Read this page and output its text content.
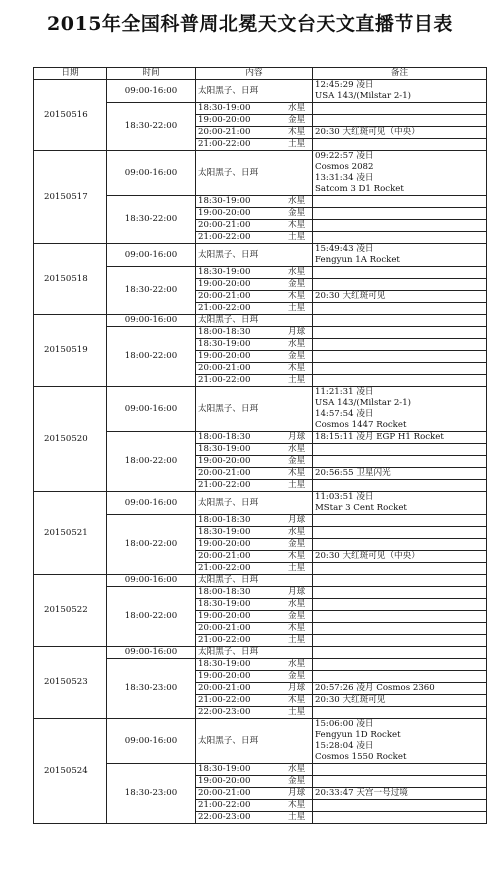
2015年全国科普周北冕天文台天文直播节目表
日期	时间	内容	备注
20150516	09:00-16:00	太阳黑子、日珥	12:45:29 凌日
USA 143/(Milstar 2-1)

	18:30-22:00	18:30-19:00 水星	
		19:00-20:00 金星	
		20:00-21:00 木星	20:30 大红斑可见（中央）

		21:00-22:00 土星	
20150517	09:00-16:00	太阳黑子、日珥	09:22:57 凌日
Cosmos 2082
13:31:34 凌日
Satcom 3 D1 Rocket

	18:30-22:00	18:30-19:00 水星	
		19:00-20:00 金星	
		20:00-21:00 木星	
		21:00-22:00 土星	
20150518	09:00-16:00	太阳黑子、日珥	15:49:43 凌日
Fengyun 1A Rocket

	18:30-22:00	18:30-19:00 水星	
		19:00-20:00 金星	
		20:00-21:00 木星	20:30 大红斑可见

		21:00-22:00 土星	
20150519	09:00-16:00	太阳黑子、日珥	
	18:00-22:00	18:00-18:30 月球	
		18:30-19:00 水星	
		19:00-20:00 金星	
		20:00-21:00 木星	
		21:00-22:00 土星	
20150520	09:00-16:00	太阳黑子、日珥	11:21:31 凌日
USA 143/(Milstar 2-1)
14:57:54 凌日
Cosmos 1447 Rocket

	18:00-22:00	18:00-18:30 月球	18:15:11 凌月 EGP H1 Rocket

		18:30-19:00 水星	
		19:00-20:00 金星	
		20:00-21:00 木星	20:56:55 卫星闪光

		21:00-22:00 土星	
20150521	09:00-16:00	太阳黑子、日珥	11:03:51 凌日
MStar 3 Cent Rocket

	18:00-22:00	18:00-18:30 月球	
		18:30-19:00 水星	
		19:00-20:00 金星	
		20:00-21:00 木星	20:30 大红斑可见（中央）

		21:00-22:00 土星	
20150522	09:00-16:00	太阳黑子、日珥	
	18:00-22:00	18:00-18:30 月球	
		18:30-19:00 水星	
		19:00-20:00 金星	
		20:00-21:00 木星	
		21:00-22:00 土星	
20150523	09:00-16:00	太阳黑子、日珥	
	18:30-23:00	18:30-19:00 水星	
		19:00-20:00 金星	
		20:00-21:00 月球	20:57:26 凌月 Cosmos 2360

		21:00-22:00 木星	20:30 大红斑可见

		22:00-23:00 土星	
20150524	09:00-16:00	太阳黑子、日珥	15:06:00 凌日
Fengyun 1D Rocket
15:28:04 凌日
Cosmos 1550 Rocket

	18:30-23:00	18:30-19:00 水星	
		19:00-20:00 金星	
		20:00-21:00 月球	20:33:47 天宫一号过境

		21:00-22:00 木星	
		22:00-23:00 土星	
